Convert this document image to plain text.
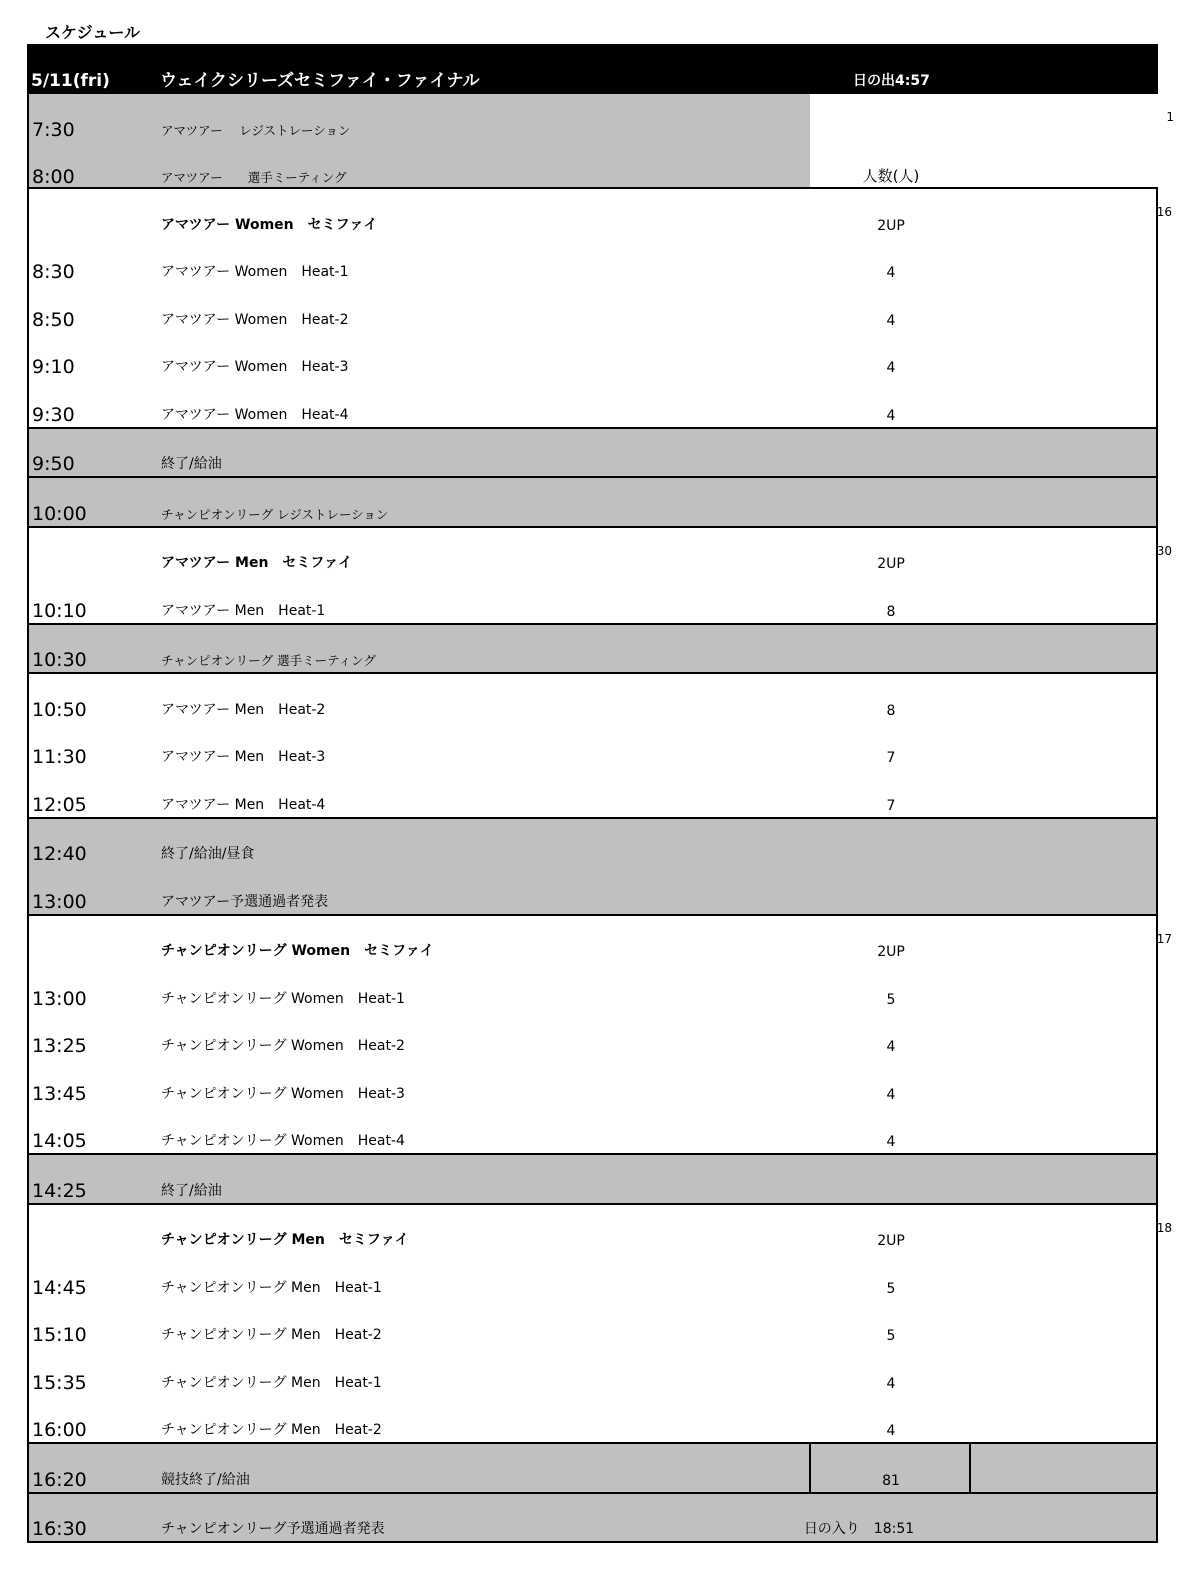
スケジュール
5/11(fri)	ウェイクシリーズセミファイ・ファイナル	日の出4:57
1
7:30	アマツアー　 レジストレーション
8:00	アマツアー　　選手ミーティング	人数(人)
16
アマツアー Women　セミファイ	2UP
8:30	アマツアー Women　Heat-1	4
8:50	アマツアー Women　Heat-2	4
9:10	アマツアー Women　Heat-3	4
9:30	アマツアー Women　Heat-4	4
9:50	終了/給油
10:00	チャンピオンリーグ レジストレーション
30
アマツアー Men　セミファイ	2UP
10:10	アマツアー Men　Heat-1	8
10:30	チャンピオンリーグ 選手ミーティング
10:50	アマツアー Men　Heat-2	8
11:30	アマツアー Men　Heat-3	7
12:05	アマツアー Men　Heat-4	7
12:40	終了/給油/昼食
13:00	アマツアー予選通過者発表
17
チャンピオンリーグ Women　セミファイ	2UP
13:00	チャンピオンリーグ Women　Heat-1	5
13:25	チャンピオンリーグ Women　Heat-2	4
13:45	チャンピオンリーグ Women　Heat-3	4
14:05	チャンピオンリーグ Women　Heat-4	4
14:25	終了/給油
18
チャンピオンリーグ Men　セミファイ	2UP
14:45	チャンピオンリーグ Men　Heat-1	5
15:10	チャンピオンリーグ Men　Heat-2	5
15:35	チャンピオンリーグ Men　Heat-1	4
16:00	チャンピオンリーグ Men　Heat-2	4
16:20	競技終了/給油	81
16:30	チャンピオンリーグ予選通過者発表	日の入り　18:51
